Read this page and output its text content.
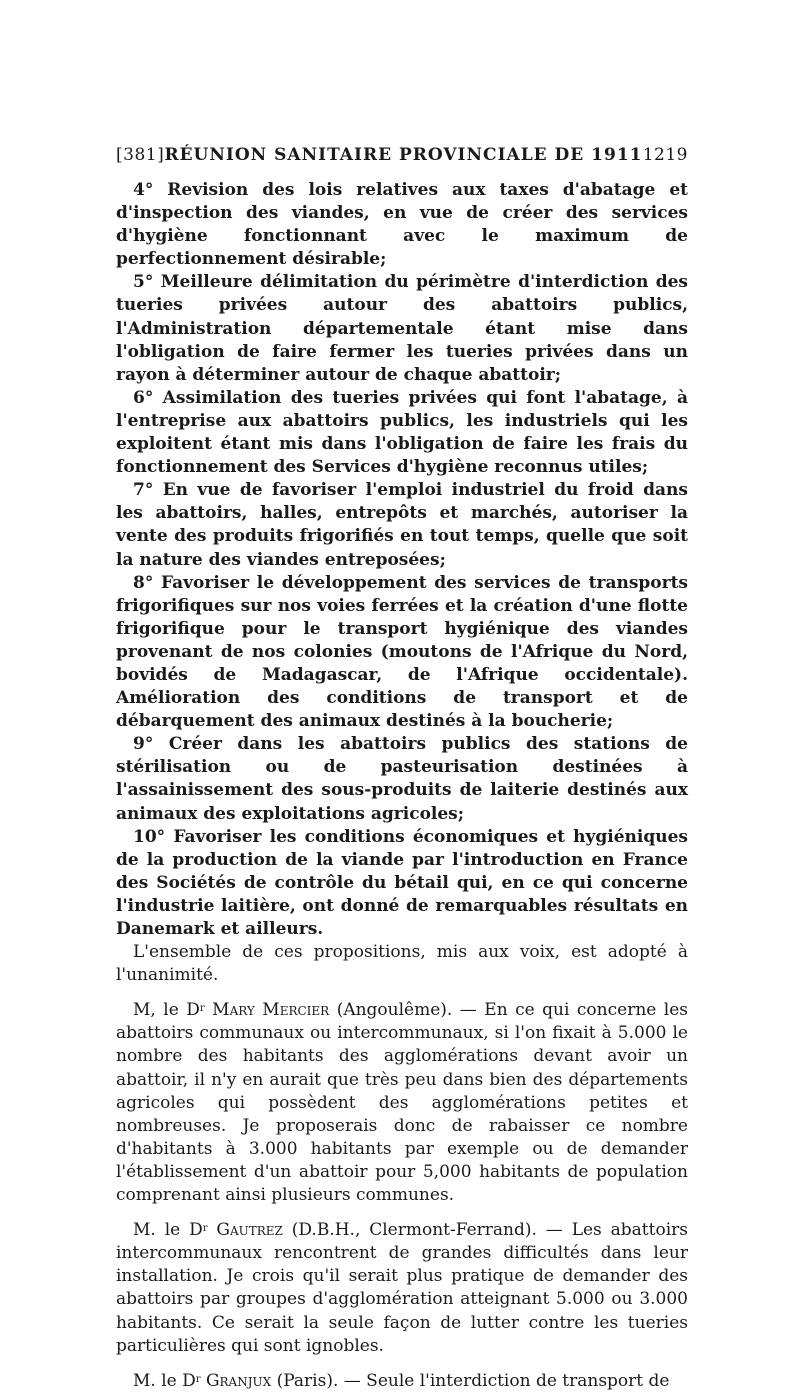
[381] RÉUNION SANITAIRE PROVINCIALE DE 1911 1219

4° Revision des lois relatives aux taxes d'abatage et d'inspection des viandes, en vue de créer des services d'hygiène fonctionnant avec le maximum de perfectionnement désirable;

5° Meilleure délimitation du périmètre d'interdiction des tueries privées autour des abattoirs publics, l'Administration départementale étant mise dans l'obligation de faire fermer les tueries privées dans un rayon à déterminer autour de chaque abattoir;

6° Assimilation des tueries privées qui font l'abatage, à l'entreprise aux abattoirs publics, les industriels qui les exploitent étant mis dans l'obligation de faire les frais du fonctionnement des Services d'hygiène reconnus utiles;

7° En vue de favoriser l'emploi industriel du froid dans les abattoirs, halles, entrepôts et marchés, autoriser la vente des produits frigorifiés en tout temps, quelle que soit la nature des viandes entreposées;

8° Favoriser le développement des services de transports frigorifiques sur nos voies ferrées et la création d'une flotte frigorifique pour le transport hygiénique des viandes provenant de nos colonies (moutons de l'Afrique du Nord, bovidés de Madagascar, de l'Afrique occidentale). Amélioration des conditions de transport et de débarquement des animaux destinés à la boucherie;

9° Créer dans les abattoirs publics des stations de stérilisation ou de pasteurisation destinées à l'assainissement des sous-produits de laiterie destinés aux animaux des exploitations agricoles;

10° Favoriser les conditions économiques et hygiéniques de la production de la viande par l'introduction en France des Sociétés de contrôle du bétail qui, en ce qui concerne l'industrie laitière, ont donné de remarquables résultats en Danemark et ailleurs.

L'ensemble de ces propositions, mis aux voix, est adopté à l'unanimité.

M, le $D^r$ Mary Mercier (Angoulême). — En ce qui concerne les abattoirs communaux ou intercommunaux, si l'on fixait à 5.000 le nombre des habitants des agglomérations devant avoir un abattoir, il n'y en aurait que très peu dans bien des départements agricoles qui possèdent des agglomérations petites et nombreuses. Je proposerais donc de rabaisser ce nombre d'habitants à 3.000 habitants par exemple ou de demander l'établissement d'un abattoir pour 5,000 habitants de population comprenant ainsi plusieurs communes.

M. le $D^r$ Gautrez (D.B.H., Clermont-Ferrand). — Les abattoirs intercommunaux rencontrent de grandes difficultés dans leur installation. Je crois qu'il serait plus pratique de demander des abattoirs par groupes d'agglomération atteignant 5.000 ou 3.000 habitants. Ce serait la seule façon de lutter contre les tueries particulières qui sont ignobles.

M. le $D^r$ Granjux (Paris). — Seule l'interdiction de transport de
